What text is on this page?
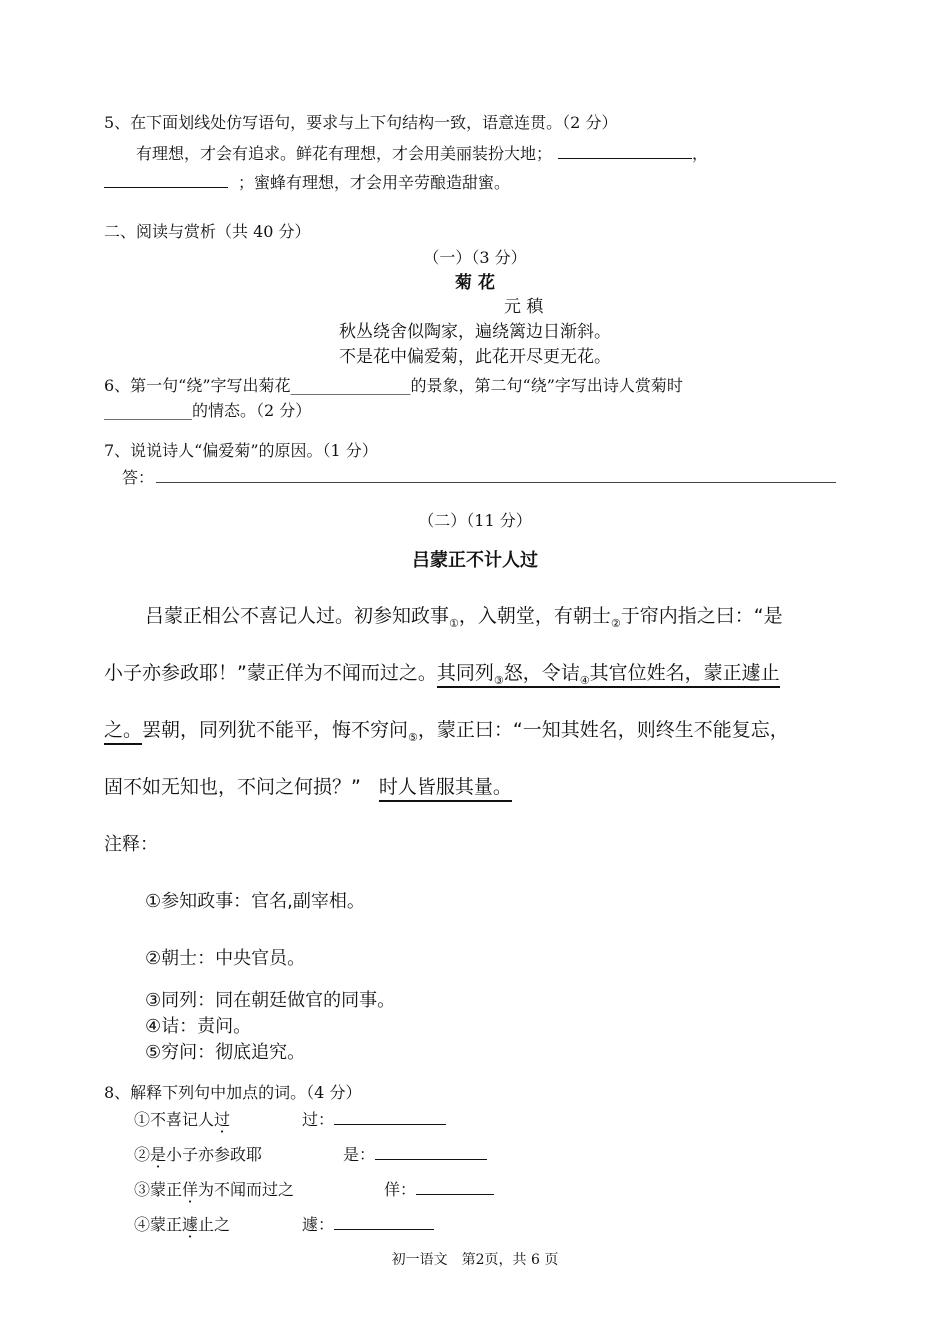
5、在下面划线处仿写语句，要求与上下句结构一致，语意连贯。（2 分）
有理想，才会有追求。鲜花有理想，才会用美丽装扮大地；	，
；蜜蜂有理想，才会用辛劳酿造甜蜜。
二、阅读与赏析（共 40 分）
（一）（3 分）
菊 花
元 稹
秋丛绕舍似陶家，遍绕篱边日渐斜。
不是花中偏爱菊，此花开尽更无花。
6、第一句“绕”字写出菊花_______________的景象，第二句“绕”字写出诗人赏菊时
___________的情态。（2 分）
7、说说诗人“偏爱菊”的原因。（1 分）
答：
（二）（11 分）
吕蒙正不计人过
吕蒙正相公不喜记人过。初参知政事$_①$，入朝堂，有朝士$_②$于帘内指之曰：“是
小子亦参政耶！”蒙正佯为不闻而过之。其同列$_③$怒，令诘$_④$其官位姓名，蒙正遽止
之。罢朝，同列犹不能平，悔不穷问$_⑤$，蒙正曰：“一知其姓名，则终生不能复忘，
固不如无知也，不问之何损？” 时人皆服其量。
注释：
①参知政事：官名,副宰相。
②朝士：中央官员。
③同列：同在朝廷做官的同事。
④诘：责问。
⑤穷问：彻底追究。
8、解释下列句中加点的词。（4 分）
①不喜记人过	过：
②是小子亦参政耶	是：
③蒙正佯为不闻而过之	佯：
④蒙正遽止之	遽：
初一语文　第2页，共 6 页
